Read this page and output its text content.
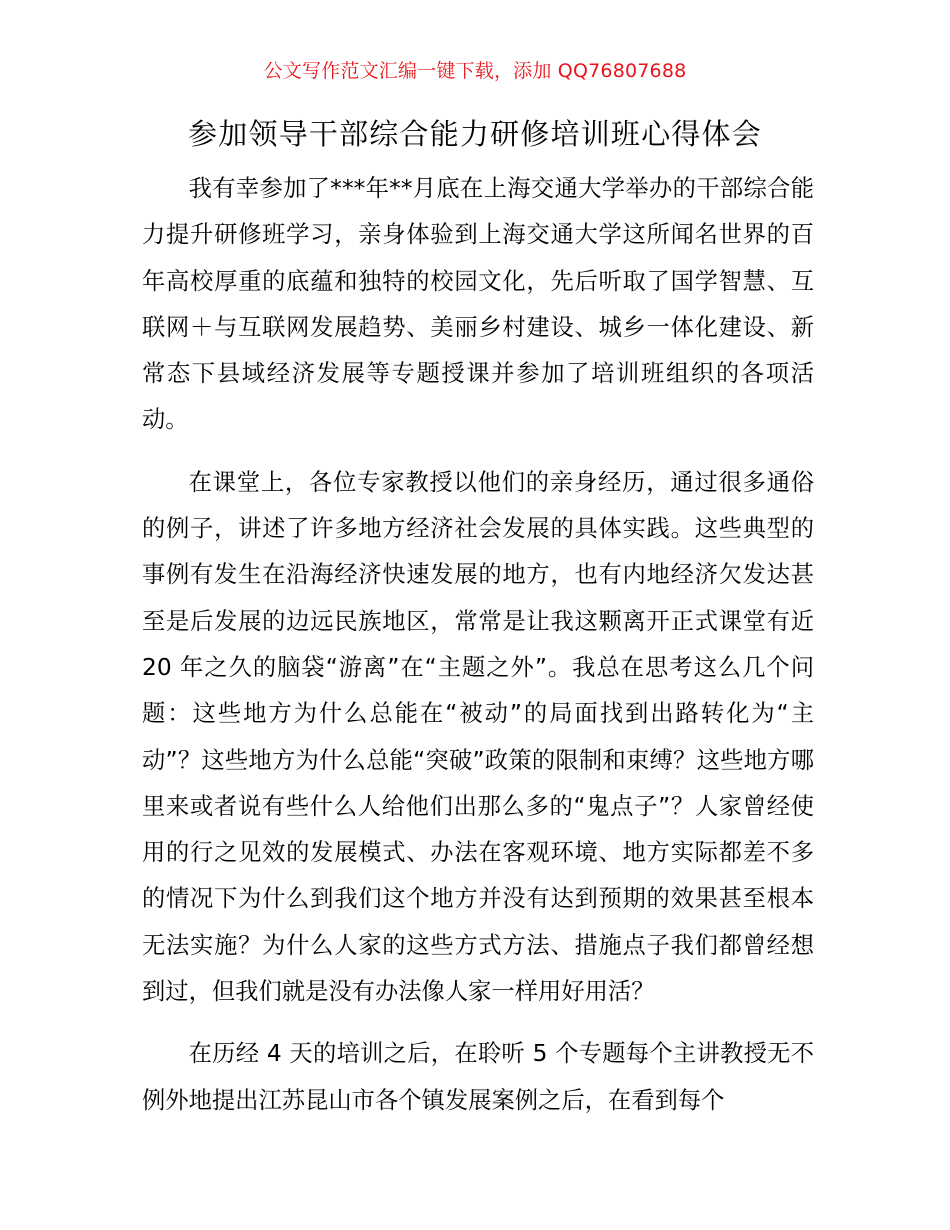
公文写作范文汇编一键下载，添加 QQ76807688
参加领导干部综合能力研修培训班心得体会

我有幸参加了***年**月底在上海交通大学举办的干部综合能力提升研修班学习，亲身体验到上海交通大学这所闻名世界的百年高校厚重的底蕴和独特的校园文化，先后听取了国学智慧、互联网＋与互联网发展趋势、美丽乡村建设、城乡一体化建设、新常态下县域经济发展等专题授课并参加了培训班组织的各项活动。

在课堂上，各位专家教授以他们的亲身经历，通过很多通俗的例子，讲述了许多地方经济社会发展的具体实践。这些典型的事例有发生在沿海经济快速发展的地方，也有内地经济欠发达甚至是后发展的边远民族地区，常常是让我这颗离开正式课堂有近 20 年之久的脑袋“游离”在“主题之外”。我总在思考这么几个问题：这些地方为什么总能在“被动”的局面找到出路转化为“主动”？这些地方为什么总能“突破”政策的限制和束缚？这些地方哪里来或者说有些什么人给他们出那么多的“鬼点子”？人家曾经使用的行之见效的发展模式、办法在客观环境、地方实际都差不多的情况下为什么到我们这个地方并没有达到预期的效果甚至根本无法实施？为什么人家的这些方式方法、措施点子我们都曾经想到过，但我们就是没有办法像人家一样用好用活？

在历经 4 天的培训之后，在聆听 5 个专题每个主讲教授无不例外地提出江苏昆山市各个镇发展案例之后，在看到每个
